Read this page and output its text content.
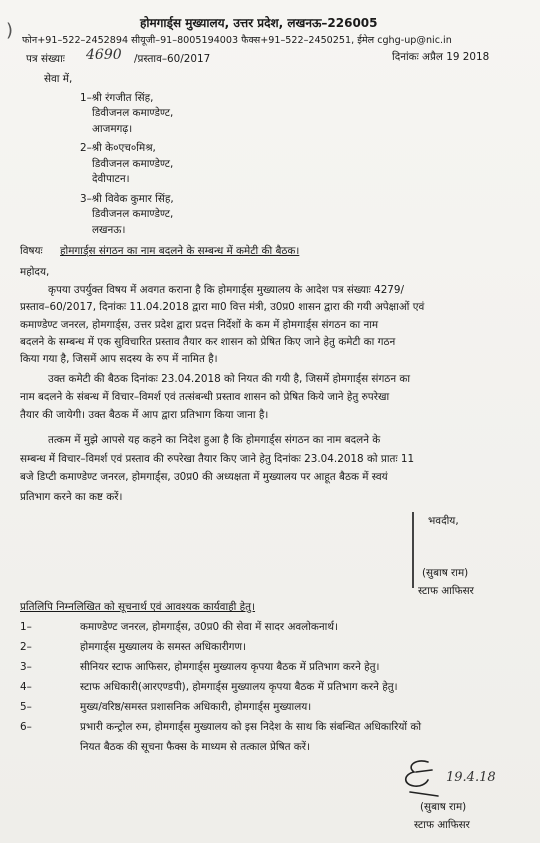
)	होमगार्ड्स मुख्यालय, उत्तर प्रदेश, लखनऊ–226005
फोन+91–522–2452894 सीयूजी–91–8005194003 फैक्स+91–522–2450251, ईमेल cghg-up@nic.in
पत्र संख्याः 4690 /प्रस्ताव–60/2017	दिनांकः अप्रैल 19 2018
सेवा में,
1–श्री रंगजीत सिंह,
डिवीजनल कमाण्डेण्ट,
आजमगढ़।
2–श्री के०एच०मिश्र,
डिवीजनल कमाण्डेण्ट,
देवीपाटन।
3–श्री विवेक कुमार सिंह,
डिवीजनल कमाण्डेण्ट,
लखनऊ।
विषयः होमगार्ड्स संगठन का नाम बदलने के सम्बन्ध में कमेटी की बैठक।
महोदय,
कृपया उपर्युक्त विषय में अवगत कराना है कि होमगार्ड्स मुख्यालय के आदेश पत्र संख्याः 4279/
प्रस्ताव–60/2017, दिनांकः 11.04.2018 द्वारा मा0 वित्त मंत्री, उ0प्र0 शासन द्वारा की गयी अपेक्षाओं एवं
कमाण्डेण्ट जनरल, होमगार्ड्स, उत्तर प्रदेश द्वारा प्रदत्त निर्देशों के कम में होमगार्ड्स संगठन का नाम
बदलने के सम्बन्ध में एक सुविचारित प्रस्ताव तैयार कर शासन को प्रेषित किए जाने हेतु कमेटी का गठन
किया गया है, जिसमें आप सदस्य के रुप में नामित है।
उक्त कमेटी की बैठक दिनांकः 23.04.2018 को नियत की गयी है, जिसमें होमगार्ड्स संगठन का
नाम बदलने के संबन्ध में विचार–विमर्श एवं तत्संबन्धी प्रस्ताव शासन को प्रेषित किये जाने हेतु रुपरेखा
तैयार की जायेगी। उक्त बैठक में आप द्वारा प्रतिभाग किया जाना है।
तत्कम में मुझे आपसे यह कहने का निदेश हुआ है कि होमगार्ड्स संगठन का नाम बदलने के
सम्बन्ध में विचार–विमर्श एवं प्रस्ताव की रुपरेखा तैयार किए जाने हेतु दिनांकः 23.04.2018 को प्रातः 11
बजे डिप्टी कमाण्डेण्ट जनरल, होमगार्ड्स, उ0प्र0 की अध्यक्षता में मुख्यालय पर आहूत बैठक में स्वयं
प्रतिभाग करने का कष्ट करें।
भवदीय,
(सुबाष राम)
स्टाफ आफिसर
प्रतिलिपि निम्नलिखित को सूचनार्थ एवं आवश्यक कार्यवाही हेतु।
1–	कमाण्डेण्ट जनरल, होमगार्ड्स, उ0प्र0 की सेवा में सादर अवलोकनार्थ।
2–	होमगार्ड्स मुख्यालय के समस्त अधिकारीगण।
3–	सीनियर स्टाफ आफिसर, होमगार्ड्स मुख्यालय कृपया बैठक में प्रतिभाग करने हेतु।
4–	स्टाफ अधिकारी(आरएण्डपी), होमगार्ड्स मुख्यालय कृपया बैठक में प्रतिभाग करने हेतु।
5–	मुख्य/वरिष्ठ/समस्त प्रशासनिक अधिकारी, होमगार्ड्स मुख्यालय।
6–	प्रभारी कन्ट्रोल रुम, होमगार्ड्स मुख्यालय को इस निदेश के साथ कि संबन्धित अधिकारियों को
नियत बैठक की सूचना फैक्स के माध्यम से तत्काल प्रेषित करें।
19.4.18
(सुबाष राम)
स्टाफ आफिसर
